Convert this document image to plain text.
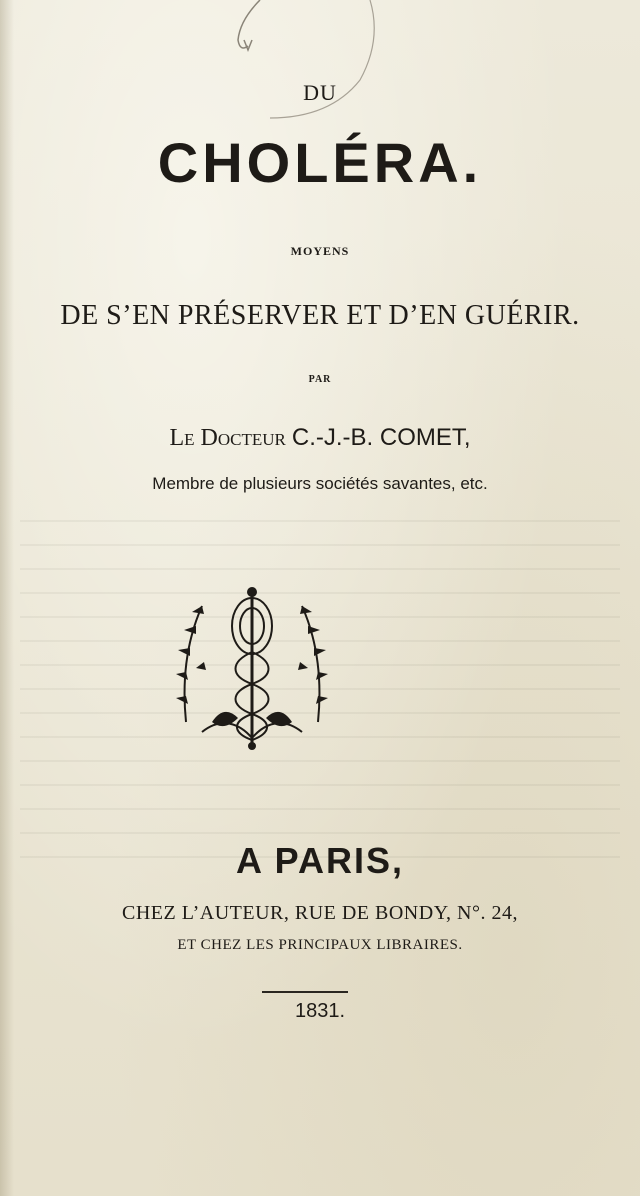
DU
CHOLÉRA.
MOYENS
DE S’EN PRÉSERVER ET D’EN GUÉRIR.
PAR
Le Docteur C.-J.-B. COMET,
Membre de plusieurs sociétés savantes, etc.
A PARIS,
CHEZ L’AUTEUR, RUE DE BONDY, N°. 24,
ET CHEZ LES PRINCIPAUX LIBRAIRES.
1831.
